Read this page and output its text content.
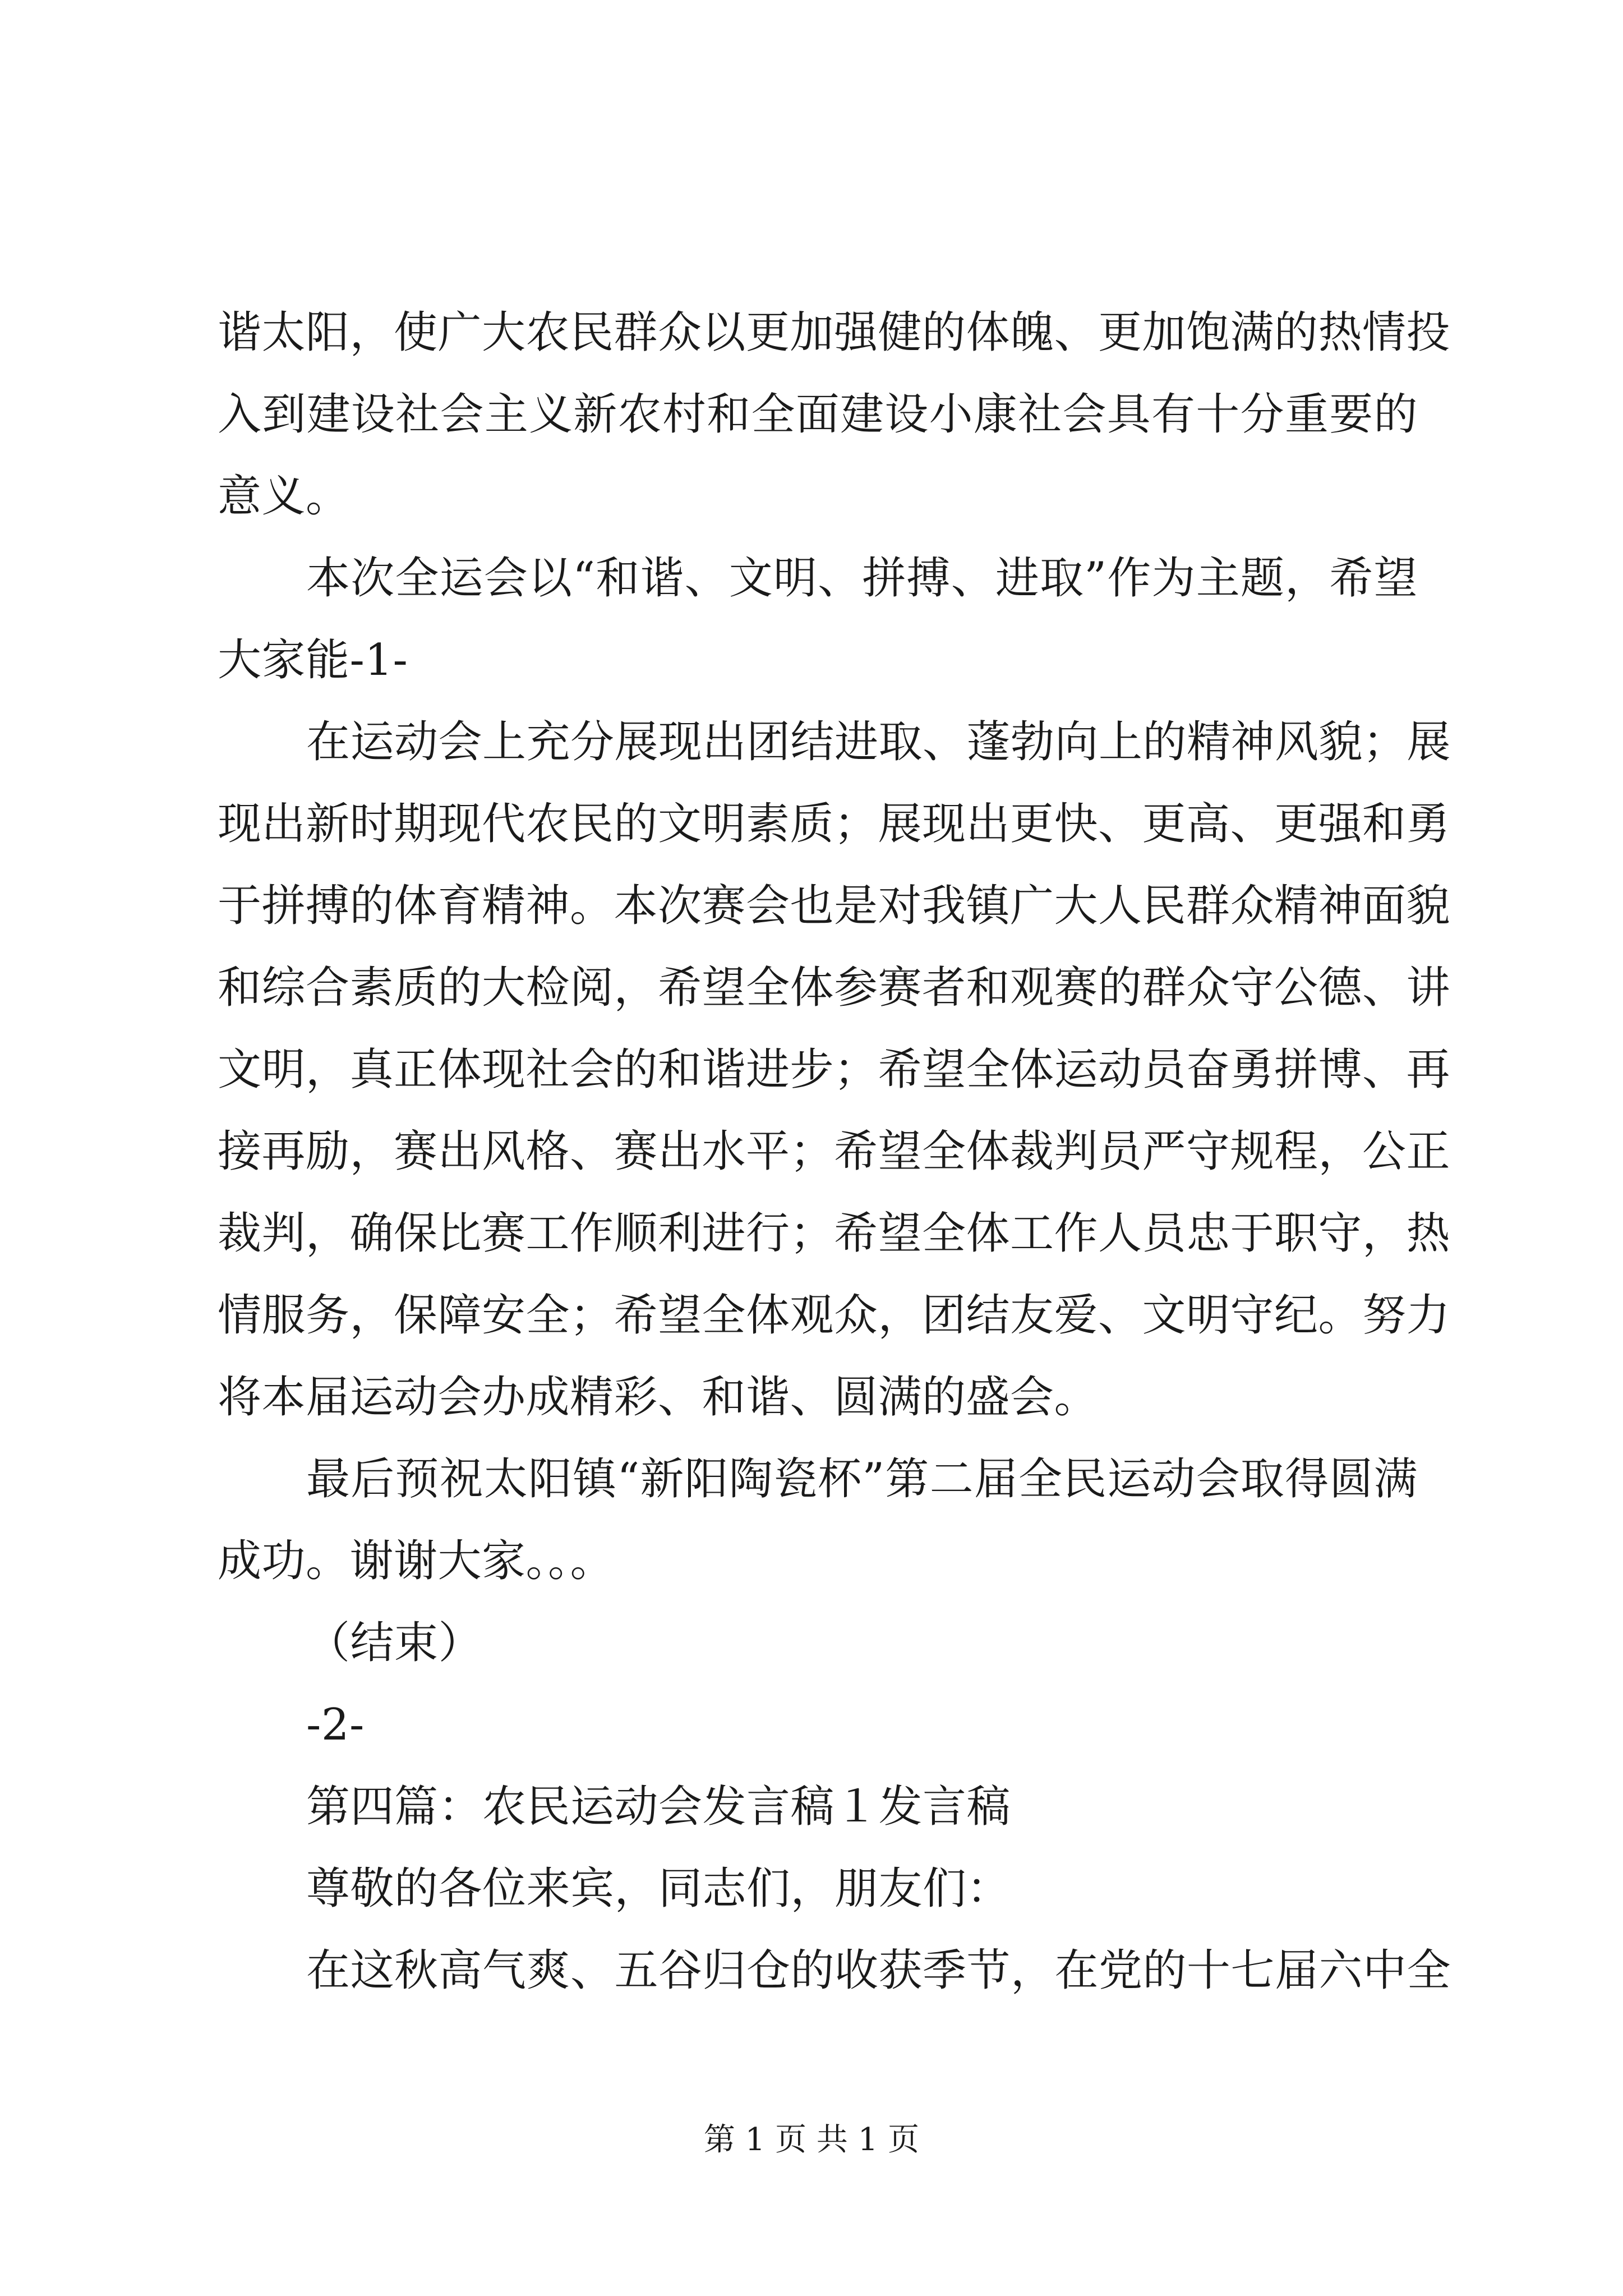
谐太阳，使广大农民群众以更加强健的体魄、更加饱满的热情投
入到建设社会主义新农村和全面建设小康社会具有十分重要的
意义。
本次全运会以“和谐、文明、拼搏、进取”作为主题，希望
大家能-1-
在运动会上充分展现出团结进取、蓬勃向上的精神风貌；展
现出新时期现代农民的文明素质；展现出更快、更高、更强和勇
于拼搏的体育精神。本次赛会也是对我镇广大人民群众精神面貌
和综合素质的大检阅，希望全体参赛者和观赛的群众守公德、讲
文明，真正体现社会的和谐进步；希望全体运动员奋勇拼博、再
接再励，赛出风格、赛出水平；希望全体裁判员严守规程，公正
裁判，确保比赛工作顺利进行；希望全体工作人员忠于职守，热
情服务，保障安全；希望全体观众，团结友爱、文明守纪。努力
将本届运动会办成精彩、和谐、圆满的盛会。
最后预祝太阳镇“新阳陶瓷杯”第二届全民运动会取得圆满
成功。谢谢大家。。。
（结束）
-2-
第四篇：农民运动会发言稿１发言稿
尊敬的各位来宾，同志们，朋友们：
在这秋高气爽、五谷归仓的收获季节，在党的十七届六中全
第 1 页 共 1 页
